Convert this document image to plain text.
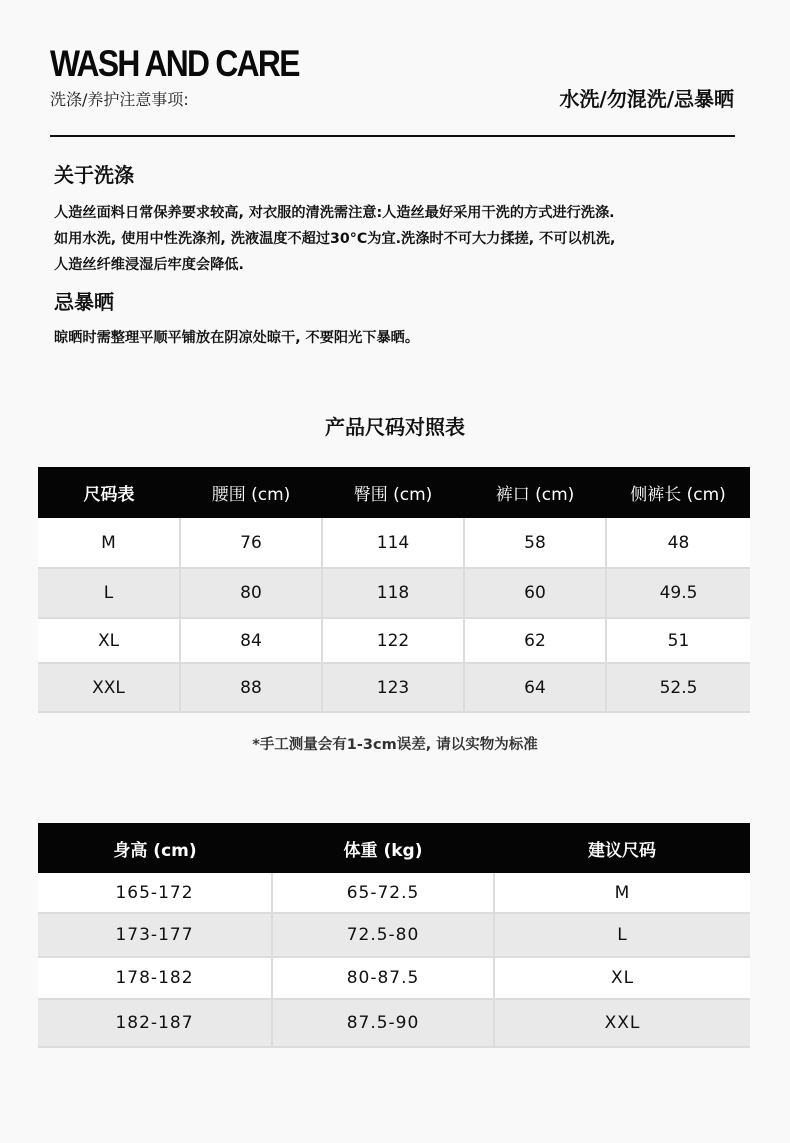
WASH AND CARE
洗涤/养护注意事项:	水洗/勿混洗/忌暴晒
关于洗涤
人造丝面料日常保养要求较高, 对衣服的清洗需注意:人造丝最好采用干洗的方式进行洗涤.
如用水洗, 使用中性洗涤剂, 洗液温度不超过30°C为宜.洗涤时不可大力揉搓, 不可以机洗,
人造丝纤维浸湿后牢度会降低.
忌暴晒
晾晒时需整理平顺平铺放在阴凉处晾干, 不要阳光下暴晒。
产品尺码对照表
尺码表	腰围 (cm)	臀围 (cm)	裤口 (cm)	侧裤长 (cm)
M	76	114	58	48
L	80	118	60	49.5
XL	84	122	62	51
XXL	88	123	64	52.5
*手工测量会有1-3cm误差, 请以实物为标准
身高 (cm)	体重 (kg)	建议尺码
165-172	65-72.5	M
173-177	72.5-80	L
178-182	80-87.5	XL
182-187	87.5-90	XXL
